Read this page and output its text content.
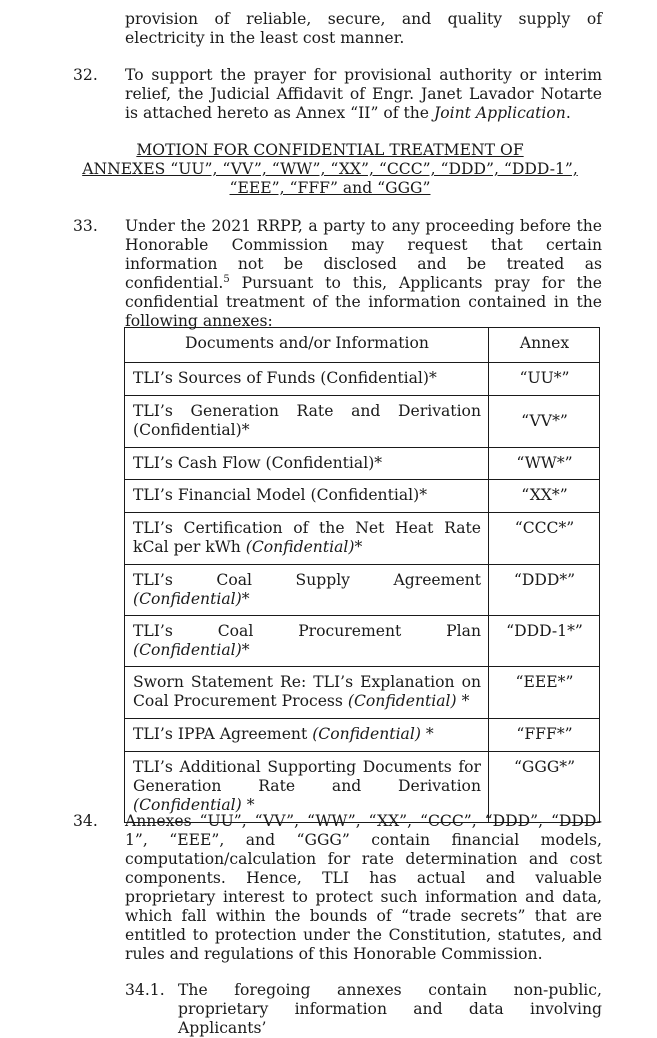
provision of reliable, secure, and quality supply of electricity in the least cost manner.
32. To support the prayer for provisional authority or interim relief, the Judicial Affidavit of Engr. Janet Lavador Notarte is attached hereto as Annex “II” of the Joint Application.
MOTION FOR CONFIDENTIAL TREATMENT OF
ANNEXES “UU”, “VV”, “WW”, “XX”, “CCC”, “DDD”, “DDD-1”,
“EEE”, “FFF” and “GGG”
33. Under the 2021 RRPP, a party to any proceeding before the Honorable Commission may request that certain information not be disclosed and be treated as confidential.$^5$ Pursuant to this, Applicants pray for the confidential treatment of the information contained in the following annexes:
Documents and/or Information	Annex
TLI’s Sources of Funds (Confidential)*	“UU*”
TLI’s Generation Rate and Derivation (Confidential)*	“VV*”
TLI’s Cash Flow (Confidential)*	“WW*”
TLI’s Financial Model (Confidential)*	“XX*”
TLI’s Certification of the Net Heat Rate kCal per kWh (Confidential)*	“CCC*”
TLI’s Coal Supply Agreement (Confidential)*	“DDD*”
TLI’s Coal Procurement Plan (Confidential)*	“DDD-1*”
Sworn Statement Re: TLI’s Explanation on Coal Procurement Process (Confidential) *	“EEE*”
TLI’s IPPA Agreement (Confidential) *	“FFF*”
TLI’s Additional Supporting Documents for Generation Rate and Derivation (Confidential) *	“GGG*”
34. Annexes “UU”, “VV”, “WW”, “XX”, “CCC”, “DDD”, “DDD-1”, “EEE”, and “GGG” contain financial models, computation/calculation for rate determination and cost components. Hence, TLI has actual and valuable proprietary interest to protect such information and data, which fall within the bounds of “trade secrets” that are entitled to protection under the Constitution, statutes, and rules and regulations of this Honorable Commission.
34.1. The foregoing annexes contain non-public, proprietary information and data involving Applicants’
